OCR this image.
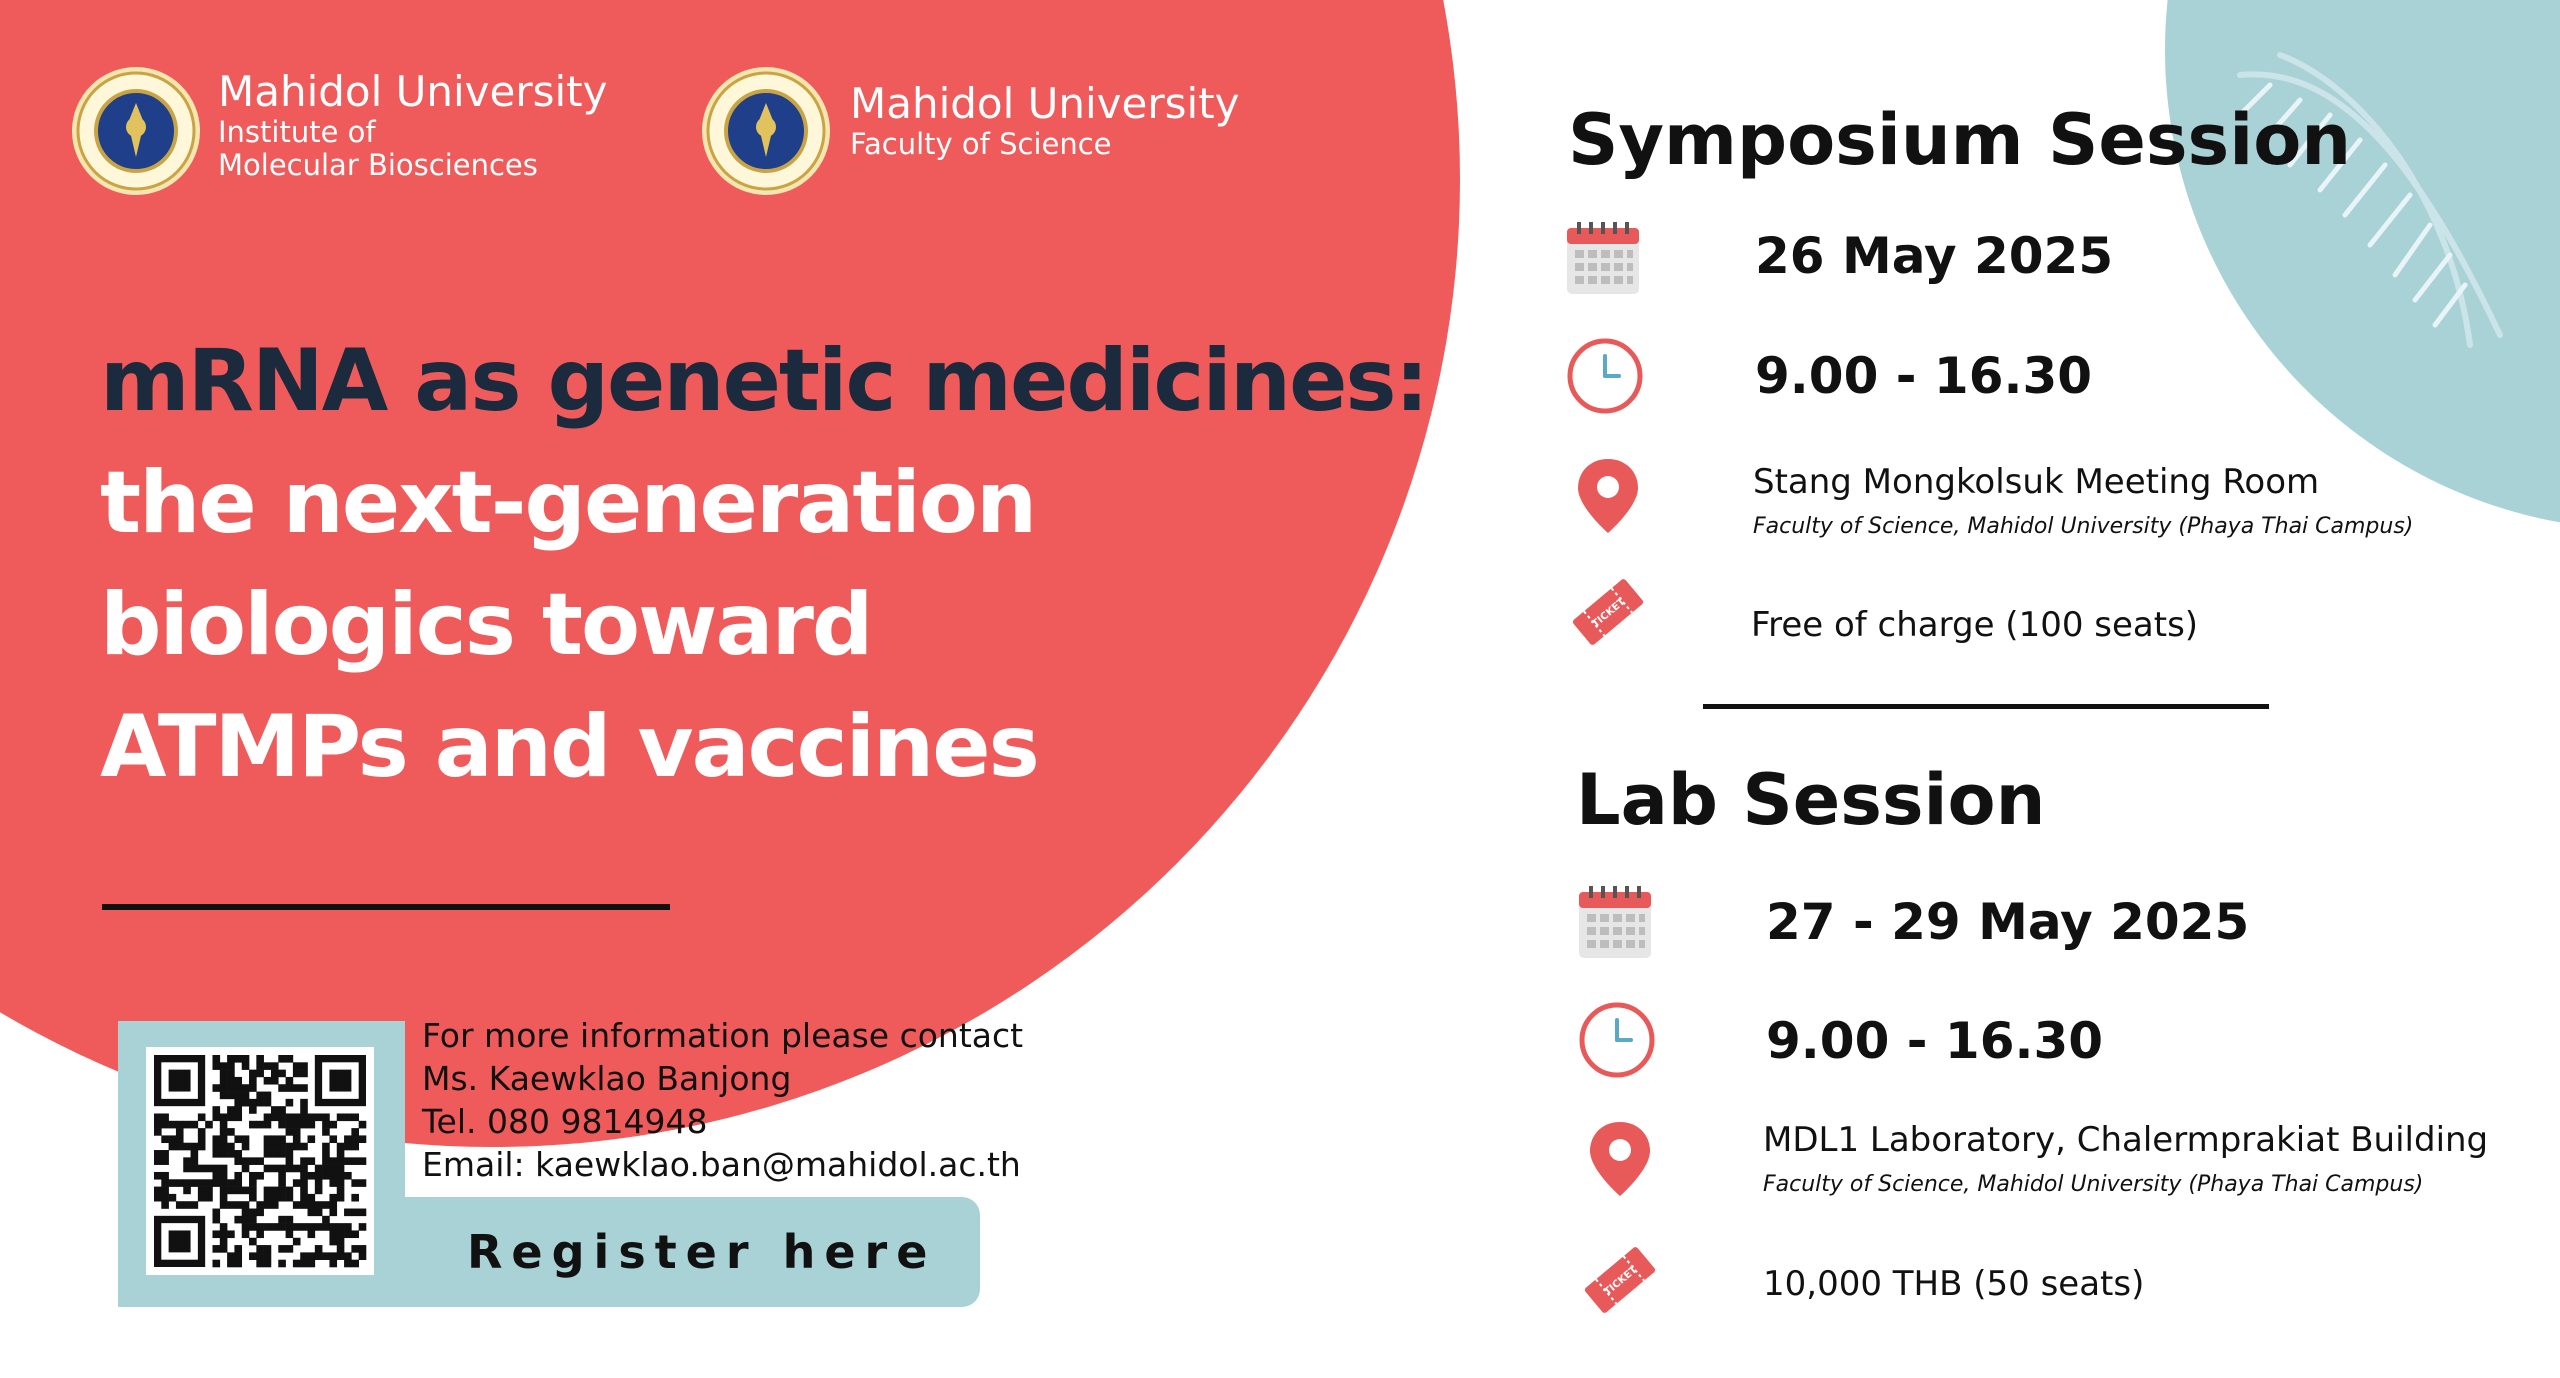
Mahidol University
Institute of
Molecular Biosciences
Mahidol University
Faculty of Science
mRNA as genetic medicines:
the next-generation
biologics toward
ATMPs and vaccines
For more information please contact
Ms. Kaewklao Banjong
Tel. 080 9814948
Email: kaewklao.ban@mahidol.ac.th
Register here
Symposium Session
26 May 2025
9.00 - 16.30
Stang Mongkolsuk Meeting Room
Faculty of Science, Mahidol University (Phaya Thai Campus)
TICKET	Free of charge (100 seats)
Lab Session
27 - 29 May 2025
9.00 - 16.30
MDL1 Laboratory, Chalermprakiat Building
Faculty of Science, Mahidol University (Phaya Thai Campus)
TICKET	10,000 THB (50 seats)
